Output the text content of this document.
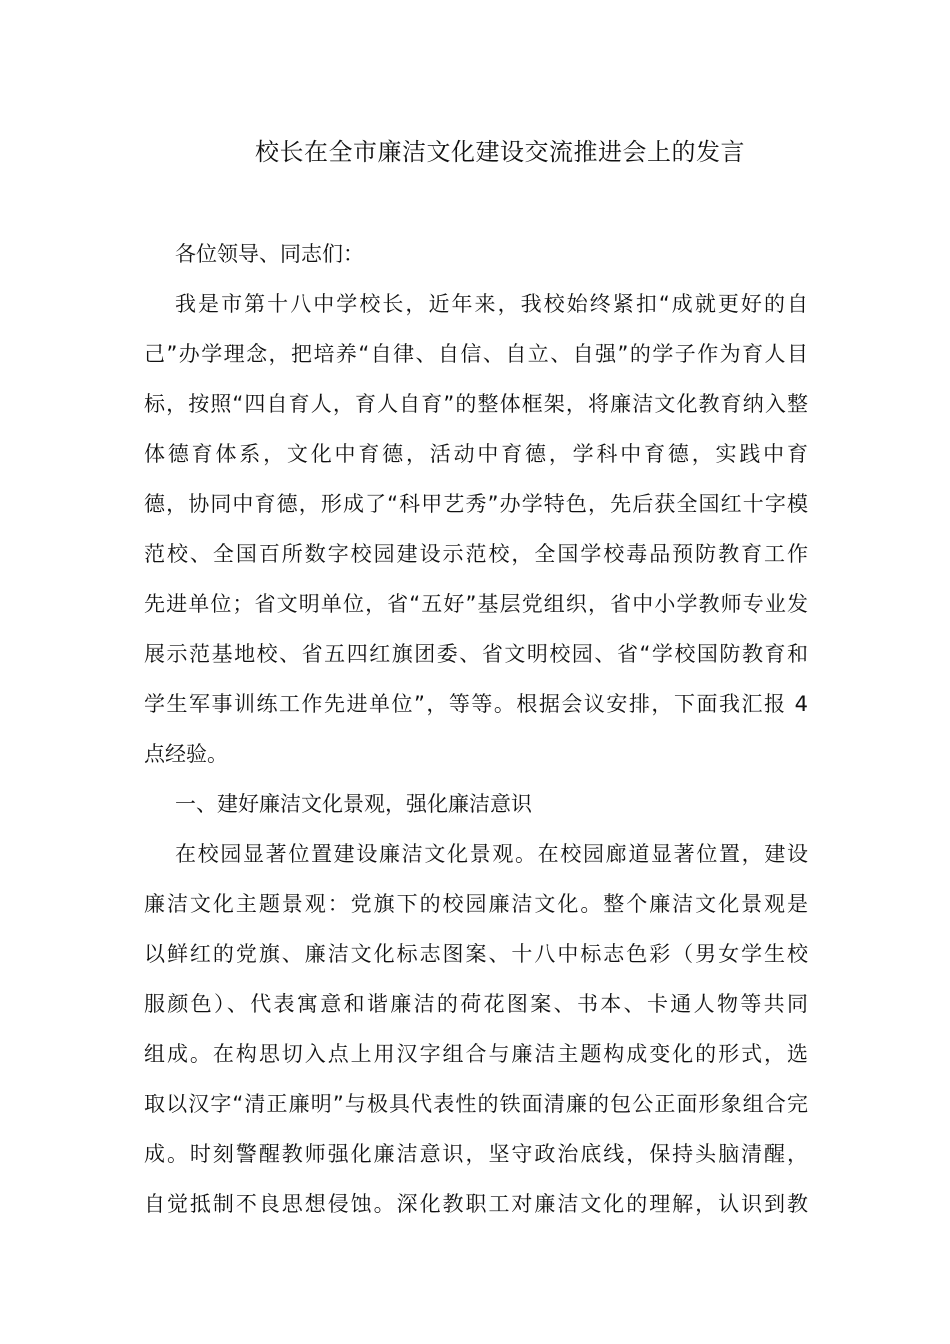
校长在全市廉洁文化建设交流推进会上的发言
各位领导、同志们：
我是市第十八中学校长，近年来，我校始终紧扣“成就更好的自
己”办学理念，把培养“自律、自信、自立、自强”的学子作为育人目
标，按照“四自育人，育人自育”的整体框架，将廉洁文化教育纳入整
体德育体系，文化中育德，活动中育德，学科中育德，实践中育
德，协同中育德，形成了“科甲艺秀”办学特色，先后获全国红十字模
范校、全国百所数字校园建设示范校，全国学校毒品预防教育工作
先进单位；省文明单位，省“五好”基层党组织，省中小学教师专业发
展示范基地校、省五四红旗团委、省文明校园、省“学校国防教育和
学生军事训练工作先进单位”，等等。根据会议安排，下面我汇报 4
点经验。
一、建好廉洁文化景观，强化廉洁意识
在校园显著位置建设廉洁文化景观。在校园廊道显著位置，建设
廉洁文化主题景观：党旗下的校园廉洁文化。整个廉洁文化景观是
以鲜红的党旗、廉洁文化标志图案、十八中标志色彩（男女学生校
服颜色）、代表寓意和谐廉洁的荷花图案、书本、卡通人物等共同
组成。在构思切入点上用汉字组合与廉洁主题构成变化的形式，选
取以汉字“清正廉明”与极具代表性的铁面清廉的包公正面形象组合完
成。时刻警醒教师强化廉洁意识，坚守政治底线，保持头脑清醒，
自觉抵制不良思想侵蚀。深化教职工对廉洁文化的理解，认识到教
